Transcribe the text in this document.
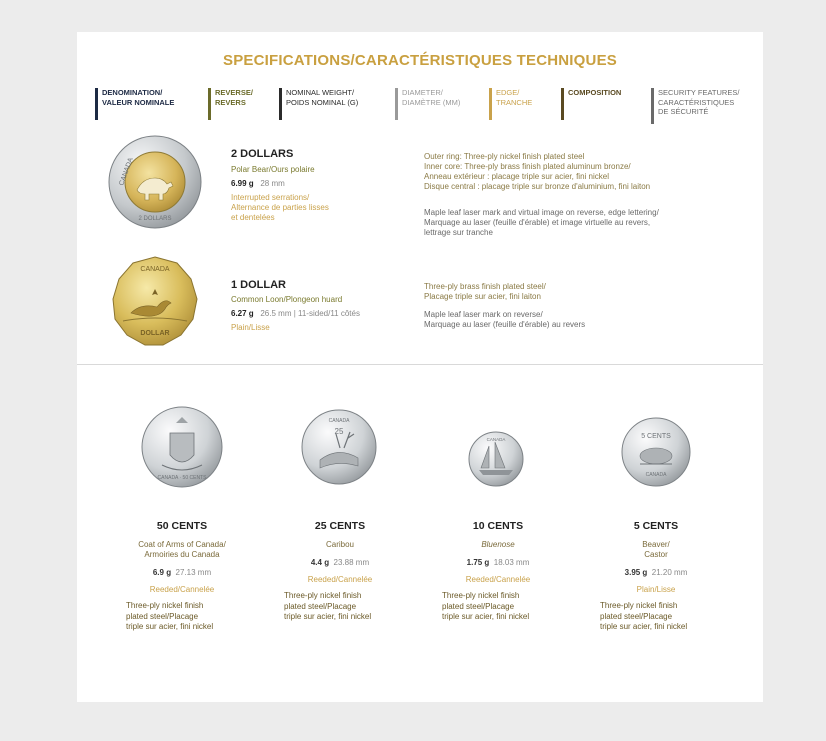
SPECIFICATIONS/CARACTÉRISTIQUES TECHNIQUES
DENOMINATION/
VALEUR NOMINALE
REVERSE/
REVERS
NOMINAL WEIGHT/
POIDS NOMINAL (G)
DIAMETER/
DIAMÈTRE (MM)
EDGE/
TRANCHE
COMPOSITION	SECURITY FEATURES/
CARACTÉRISTIQUES
DE SÉCURITÉ
CANADA
2 DOLLARS
2 DOLLARS
Polar Bear/Ours polaire
6.99 g 28 mm
Interrupted serrations/
Alternance de parties lisses
et dentelées
Outer ring: Three-ply nickel finish plated steel
Inner core: Three-ply brass finish plated aluminum bronze/
Anneau extérieur : placage triple sur acier, fini nickel
Disque central : placage triple sur bronze d'aluminium, fini laiton
Maple leaf laser mark and virtual image on reverse, edge lettering/
Marquage au laser (feuille d'érable) et image virtuelle au revers,
lettrage sur tranche
CANADA
DOLLAR
1 DOLLAR
Common Loon/Plongeon huard
6.27 g 26.5 mm | 11-sided/11 côtés
Plain/Lisse
Three-ply brass finish plated steel/
Placage triple sur acier, fini laiton
Maple leaf laser mark on reverse/
Marquage au laser (feuille d'érable) au revers
CANADA · 50 CENTS
25
CANADA
CANADA	5 CENTS
CANADA
50 CENTS
Coat of Arms of Canada/
Armoiries du Canada
6.9 g 27.13 mm
Reeded/Cannelée
Three-ply nickel finish
plated steel/Placage
triple sur acier, fini nickel
25 CENTS
Caribou
4.4 g 23.88 mm
Reeded/Cannelée
Three-ply nickel finish
plated steel/Placage
triple sur acier, fini nickel
10 CENTS
Bluenose
1.75 g 18.03 mm
Reeded/Cannelée
Three-ply nickel finish
plated steel/Placage
triple sur acier, fini nickel
5 CENTS
Beaver/
Castor
3.95 g 21.20 mm
Plain/Lisse
Three-ply nickel finish
plated steel/Placage
triple sur acier, fini nickel
